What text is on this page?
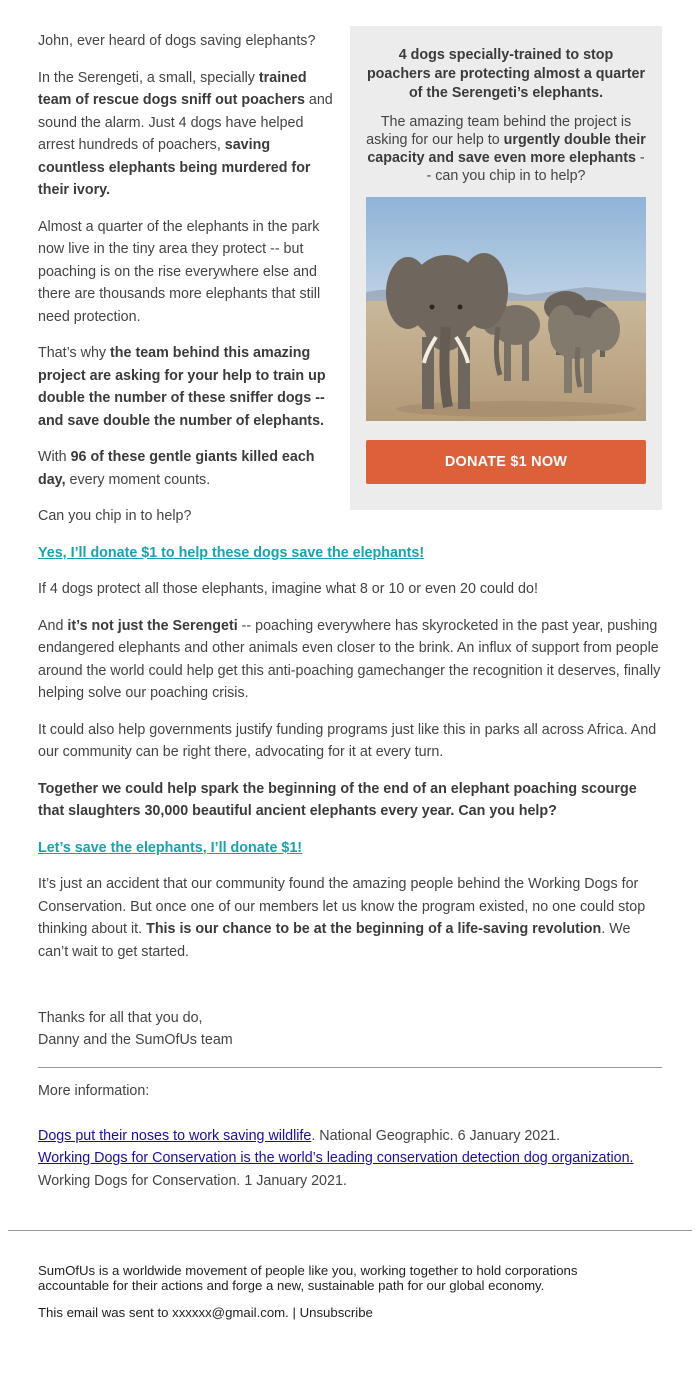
4 dogs specially-trained to stop poachers are protecting almost a quarter of the Serengeti’s elephants.

The amazing team behind the project is asking for our help to urgently double their capacity and save even more elephants -- can you chip in to help?

DONATE $1 NOW

John, ever heard of dogs saving elephants?

In the Serengeti, a small, specially trained team of rescue dogs sniff out poachers and sound the alarm. Just 4 dogs have helped arrest hundreds of poachers, saving countless elephants being murdered for their ivory.

Almost a quarter of the elephants in the park now live in the tiny area they protect -- but poaching is on the rise everywhere else and there are thousands more elephants that still need protection.

That’s why the team behind this amazing project are asking for your help to train up double the number of these sniffer dogs -- and save double the number of elephants.

With 96 of these gentle giants killed each day, every moment counts.

Can you chip in to help?

Yes, I’ll donate $1 to help these dogs save the elephants!

If 4 dogs protect all those elephants, imagine what 8 or 10 or even 20 could do!

And it’s not just the Serengeti -- poaching everywhere has skyrocketed in the past year, pushing endangered elephants and other animals even closer to the brink. An influx of support from people around the world could help get this anti-poaching gamechanger the recognition it deserves, finally helping solve our poaching crisis.

It could also help governments justify funding programs just like this in parks all across Africa. And our community can be right there, advocating for it at every turn.

Together we could help spark the beginning of the end of an elephant poaching scourge that slaughters 30,000 beautiful ancient elephants every year. Can you help?

Let’s save the elephants, I’ll donate $1!

It’s just an accident that our community found the amazing people behind the Working Dogs for Conservation. But once one of our members let us know the program existed, no one could stop thinking about it. This is our chance to be at the beginning of a life-saving revolution. We can’t wait to get started.

Thanks for all that you do,
Danny and the SumOfUs team
More information:

Dogs put their noses to work saving wildlife. National Geographic. 6 January 2021.

Working Dogs for Conservation is the world’s leading conservation detection dog organization. Working Dogs for Conservation. 1 January 2021.

SumOfUs is a worldwide movement of people like you, working together to hold corporations accountable for their actions and forge a new, sustainable path for our global economy.

This email was sent to xxxxxx@gmail.com. | Unsubscribe
